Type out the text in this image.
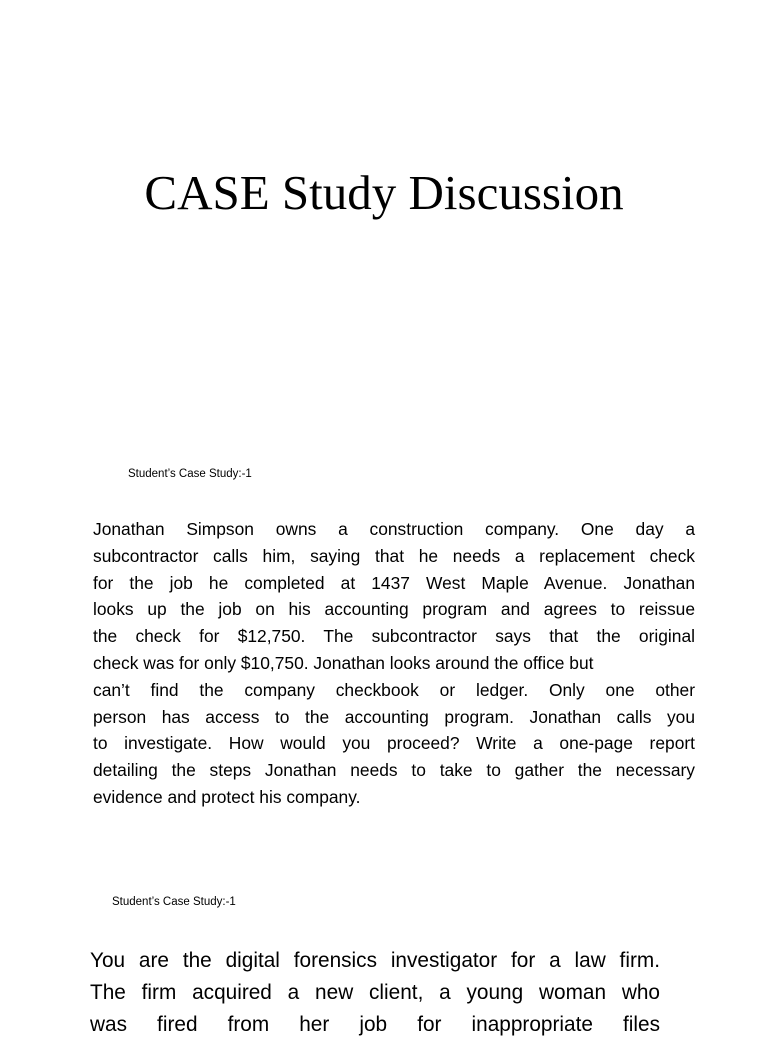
CASE Study Discussion

Student’s Case Study:-1

Jonathan Simpson owns a construction company. One day a
subcontractor calls him, saying that he needs a replacement check
for the job he completed at 1437 West Maple Avenue. Jonathan
looks up the job on his accounting program and agrees to reissue
the check for $12,750. The subcontractor says that the original
check was for only $10,750. Jonathan looks around the office but
can’t find the company checkbook or ledger. Only one other
person has access to the accounting program. Jonathan calls you
to investigate. How would you proceed? Write a one-page report
detailing the steps Jonathan needs to take to gather the necessary
evidence and protect his company.

Student’s Case Study:-1

You are the digital forensics investigator for a law firm.
The firm acquired a new client, a young woman who
was fired from her job for inappropriate files
